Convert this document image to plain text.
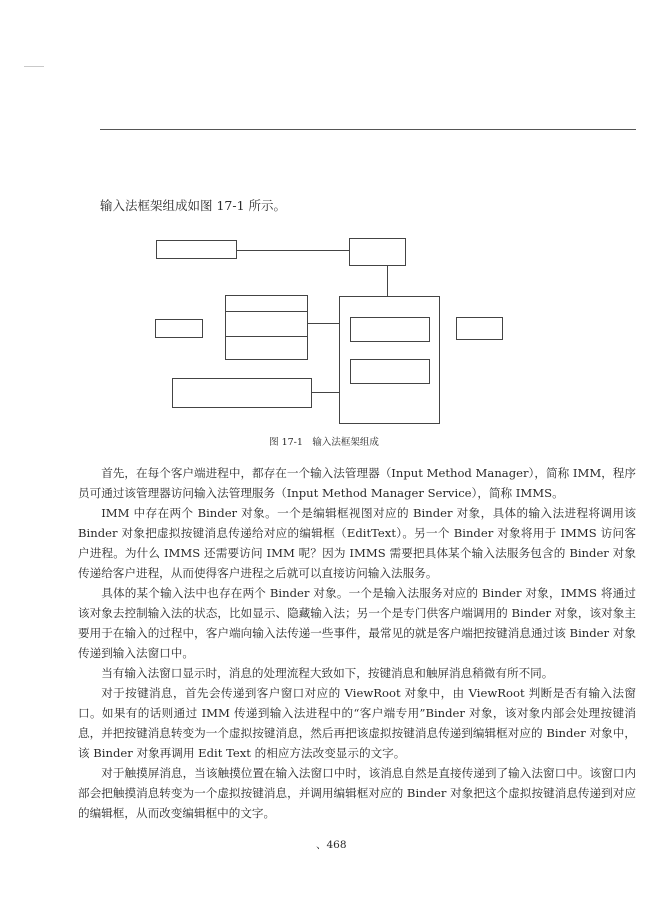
输入法框架组成如图 17-1 所示。
图 17-1　输入法框架组成

首先，在每个客户端进程中，都存在一个输入法管理器（Input Method Manager），简称 IMM，程序员可通过该管理器访问输入法管理服务（Input Method Manager Service），简称 IMMS。

IMM 中存在两个 Binder 对象。一个是编辑框视图对应的 Binder 对象，具体的输入法进程将调用该 Binder 对象把虚拟按键消息传递给对应的编辑框（EditText）。另一个 Binder 对象将用于 IMMS 访问客户进程。为什么 IMMS 还需要访问 IMM 呢？因为 IMMS 需要把具体某个输入法服务包含的 Binder 对象传递给客户进程，从而使得客户进程之后就可以直接访问输入法服务。

具体的某个输入法中也存在两个 Binder 对象。一个是输入法服务对应的 Binder 对象，IMMS 将通过该对象去控制输入法的状态，比如显示、隐藏输入法；另一个是专门供客户端调用的 Binder 对象，该对象主要用于在输入的过程中，客户端向输入法传递一些事件，最常见的就是客户端把按键消息通过该 Binder 对象传递到输入法窗口中。

当有输入法窗口显示时，消息的处理流程大致如下，按键消息和触屏消息稍微有所不同。

对于按键消息，首先会传递到客户窗口对应的 ViewRoot 对象中，由 ViewRoot 判断是否有输入法窗口。如果有的话则通过 IMM 传递到输入法进程中的“客户端专用”Binder 对象，该对象内部会处理按键消息，并把按键消息转变为一个虚拟按键消息，然后再把该虚拟按键消息传递到编辑框对应的 Binder 对象中，该 Binder 对象再调用 Edit Text 的相应方法改变显示的文字。

对于触摸屏消息，当该触摸位置在输入法窗口中时，该消息自然是直接传递到了输入法窗口中。该窗口内部会把触摸消息转变为一个虚拟按键消息，并调用编辑框对应的 Binder 对象把这个虚拟按键消息传递到对应的编辑框，从而改变编辑框中的文字。

、468
